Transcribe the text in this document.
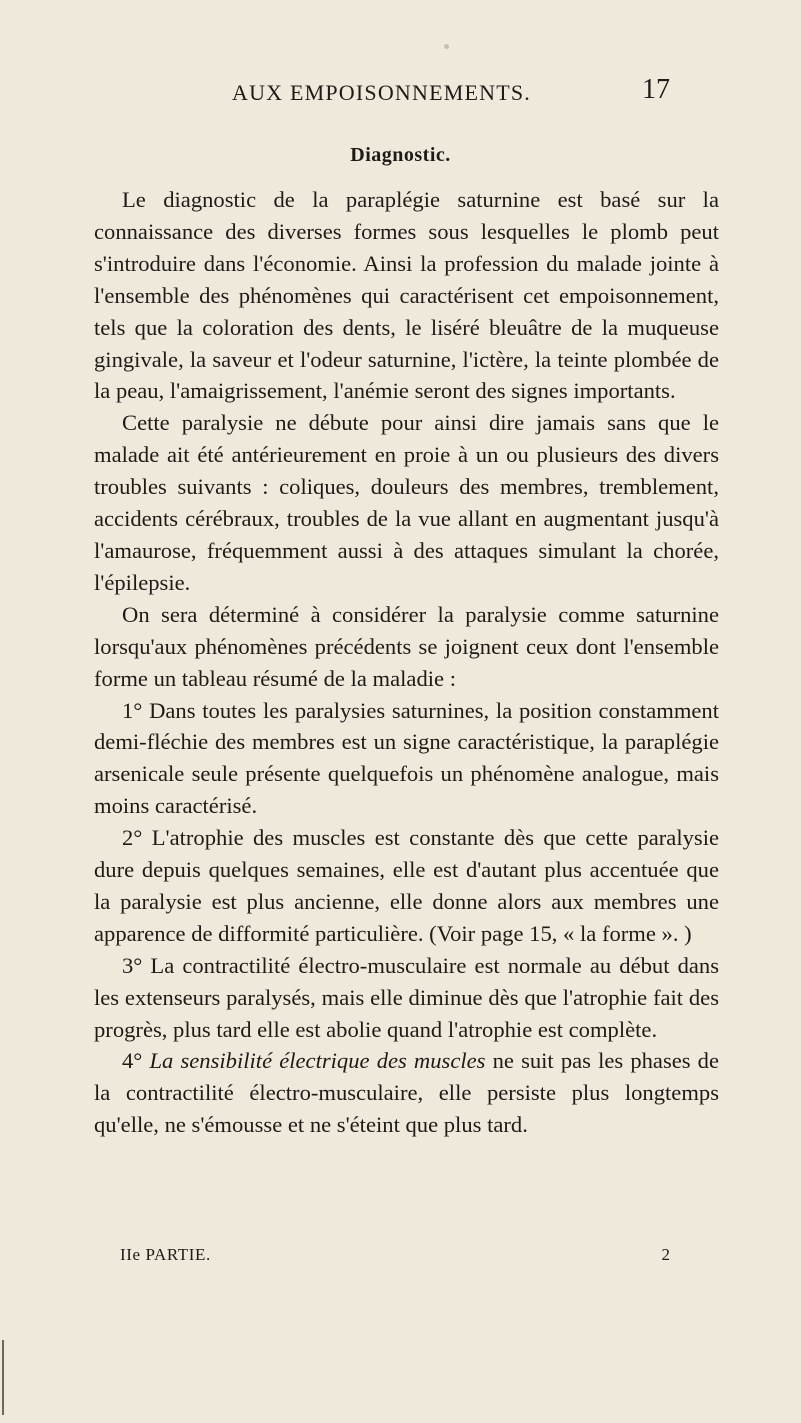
AUX EMPOISONNEMENTS.	17
Diagnostic.

Le diagnostic de la paraplégie saturnine est basé sur la connaissance des diverses formes sous lesquelles le plomb peut s'introduire dans l'économie. Ainsi la profession du malade jointe à l'ensemble des phénomènes qui caractérisent cet empoisonnement, tels que la coloration des dents, le liséré bleuâtre de la muqueuse gingivale, la saveur et l'odeur saturnine, l'ictère, la teinte plombée de la peau, l'amaigrissement, l'anémie seront des signes importants.

Cette paralysie ne débute pour ainsi dire jamais sans que le malade ait été antérieurement en proie à un ou plusieurs des divers troubles suivants : coliques, douleurs des membres, tremblement, accidents cérébraux, troubles de la vue allant en augmentant jusqu'à l'amaurose, fréquemment aussi à des attaques simulant la chorée, l'épilepsie.

On sera déterminé à considérer la paralysie comme saturnine lorsqu'aux phénomènes précédents se joignent ceux dont l'ensemble forme un tableau résumé de la maladie :

1° Dans toutes les paralysies saturnines, la position constamment demi-fléchie des membres est un signe caractéristique, la paraplégie arsenicale seule présente quelquefois un phénomène analogue, mais moins caractérisé.

2° L'atrophie des muscles est constante dès que cette paralysie dure depuis quelques semaines, elle est d'autant plus accentuée que la paralysie est plus ancienne, elle donne alors aux membres une apparence de difformité particulière. (Voir page 15, « la forme ». )

3° La contractilité électro-musculaire est normale au début dans les extenseurs paralysés, mais elle diminue dès que l'atrophie fait des progrès, plus tard elle est abolie quand l'atrophie est complète.

4° La sensibilité électrique des muscles ne suit pas les phases de la contractilité électro-musculaire, elle persiste plus longtemps qu'elle, ne s'émousse et ne s'éteint que plus tard.

IIe PARTIE.	2
